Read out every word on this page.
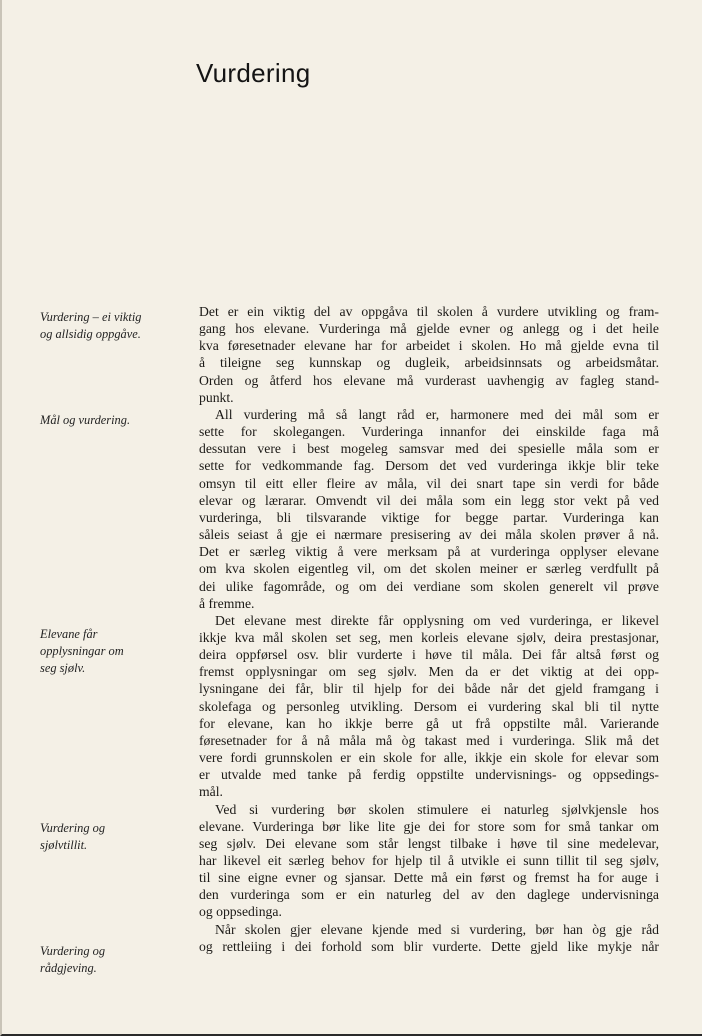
Vurdering
Vurdering – ei viktig
og allsidig oppgåve.
Mål og vurdering.
Elevane får
opplysningar om
seg sjølv.
Vurdering og
sjølvtillit.
Vurdering og
rådgjeving.
Det er ein viktig del av oppgåva til skolen å vurdere utvikling og fram-
gang hos elevane. Vurderinga må gjelde evner og anlegg og i det heile
kva føresetnader elevane har for arbeidet i skolen. Ho må gjelde evna til
å tileigne seg kunnskap og dugleik, arbeidsinnsats og arbeidsmåtar.
Orden og åtferd hos elevane må vurderast uavhengig av fagleg stand-
punkt.
All vurdering må så langt råd er, harmonere med dei mål som er
sette for skolegangen. Vurderinga innanfor dei einskilde faga må
dessutan vere i best mogeleg samsvar med dei spesielle måla som er
sette for vedkommande fag. Dersom det ved vurderinga ikkje blir teke
omsyn til eitt eller fleire av måla, vil dei snart tape sin verdi for både
elevar og lærarar. Omvendt vil dei måla som ein legg stor vekt på ved
vurderinga, bli tilsvarande viktige for begge partar. Vurderinga kan
såleis seiast å gje ei nærmare presisering av dei måla skolen prøver å nå.
Det er særleg viktig å vere merksam på at vurderinga opplyser elevane
om kva skolen eigentleg vil, om det skolen meiner er særleg verdfullt på
dei ulike fagområde, og om dei verdiane som skolen generelt vil prøve
å fremme.
Det elevane mest direkte får opplysning om ved vurderinga, er likevel
ikkje kva mål skolen set seg, men korleis elevane sjølv, deira prestasjonar,
deira oppførsel osv. blir vurderte i høve til måla. Dei får altså først og
fremst opplysningar om seg sjølv. Men da er det viktig at dei opp-
lysningane dei får, blir til hjelp for dei både når det gjeld framgang i
skolefaga og personleg utvikling. Dersom ei vurdering skal bli til nytte
for elevane, kan ho ikkje berre gå ut frå oppstilte mål. Varierande
føresetnader for å nå måla må òg takast med i vurderinga. Slik må det
vere fordi grunnskolen er ein skole for alle, ikkje ein skole for elevar som
er utvalde med tanke på ferdig oppstilte undervisnings- og oppsedings-
mål.
Ved si vurdering bør skolen stimulere ei naturleg sjølvkjensle hos
elevane. Vurderinga bør like lite gje dei for store som for små tankar om
seg sjølv. Dei elevane som står lengst tilbake i høve til sine medelevar,
har likevel eit særleg behov for hjelp til å utvikle ei sunn tillit til seg sjølv,
til sine eigne evner og sjansar. Dette må ein først og fremst ha for auge i
den vurderinga som er ein naturleg del av den daglege undervisninga
og oppsedinga.
Når skolen gjer elevane kjende med si vurdering, bør han òg gje råd
og rettleiing i dei forhold som blir vurderte. Dette gjeld like mykje når
